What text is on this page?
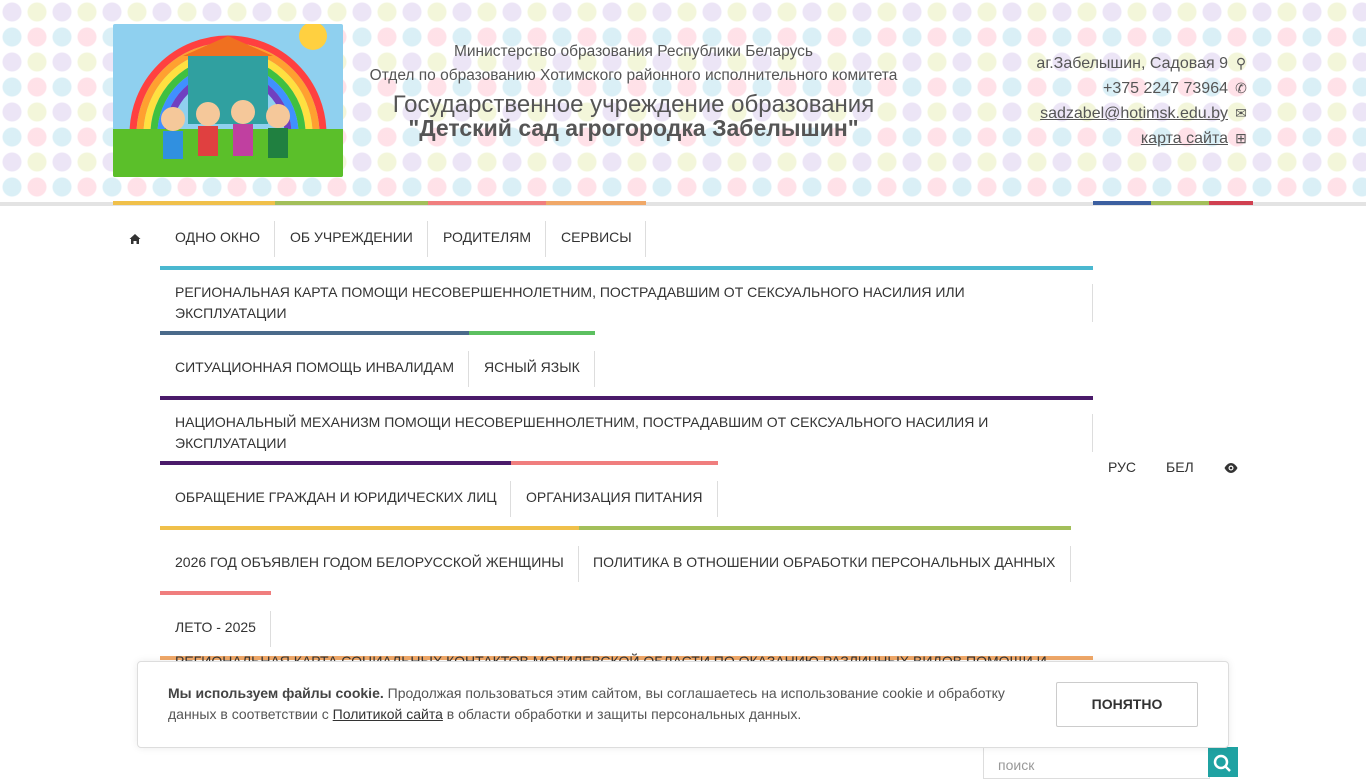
Министерство образования Республики Беларусь
Отдел по образованию Хотимского районного исполнительного комитета
Государственное учреждение образования
"Детский сад агрогородка Забелышин"
аг.Забелышин, Садовая 9 ⚲
+375 2247 73964 ✆
sadzabel@hotimsk.edu.by ✉
карта сайта ⊞
ОДНО ОКНО ОБ УЧРЕЖДЕНИИ РОДИТЕЛЯМ СЕРВИСЫ
РЕГИОНАЛЬНАЯ КАРТА ПОМОЩИ НЕСОВЕРШЕННОЛЕТНИМ, ПОСТРАДАВШИМ ОТ СЕКСУАЛЬНОГО НАСИЛИЯ ИЛИ ЭКСПЛУАТАЦИИ
СИТУАЦИОННАЯ ПОМОЩЬ ИНВАЛИДАМ ЯСНЫЙ ЯЗЫК
НАЦИОНАЛЬНЫЙ МЕХАНИЗМ ПОМОЩИ НЕСОВЕРШЕННОЛЕТНИМ, ПОСТРАДАВШИМ ОТ СЕКСУАЛЬНОГО НАСИЛИЯ И ЭКСПЛУАТАЦИИ
ОБРАЩЕНИЕ ГРАЖДАН И ЮРИДИЧЕСКИХ ЛИЦ ОРГАНИЗАЦИЯ ПИТАНИЯ
2026 ГОД ОБЪЯВЛЕН ГОДОМ БЕЛОРУССКОЙ ЖЕНЩИНЫ ПОЛИТИКА В ОТНОШЕНИИ ОБРАБОТКИ ПЕРСОНАЛЬНЫХ ДАННЫХ
ЛЕТО - 2025
РУС БЕЛ
поиск
Мы используем файлы cookie. Продолжая пользоваться этим сайтом, вы соглашаетесь на использование cookie и обработку данных в соответствии с Политикой сайта в области обработки и защиты персональных данных.
ПОНЯТНО
